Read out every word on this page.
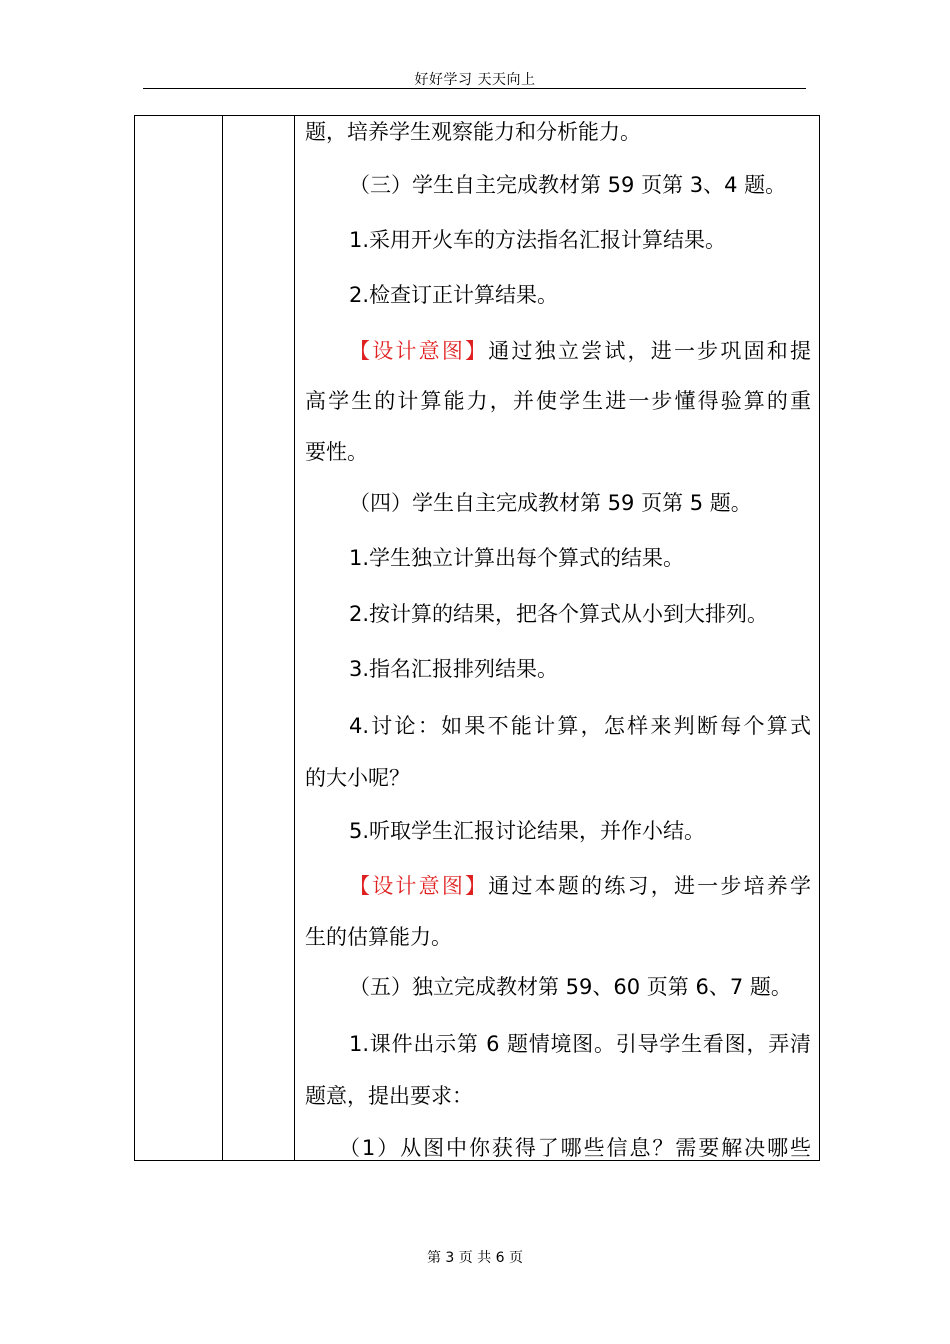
好好学习 天天向上
题，培养学生观察能力和分析能力。
（三）学生自主完成教材第 59 页第 3、4 题。
1.采用开火车的方法指名汇报计算结果。
2.检查订正计算结果。
【设计意图】通过独立尝试，进一步巩固和提
高学生的计算能力，并使学生进一步懂得验算的重
要性。
（四）学生自主完成教材第 59 页第 5 题。
1.学生独立计算出每个算式的结果。
2.按计算的结果，把各个算式从小到大排列。
3.指名汇报排列结果。
4.讨论：如果不能计算，怎样来判断每个算式
的大小呢？
5.听取学生汇报讨论结果，并作小结。
【设计意图】通过本题的练习，进一步培养学
生的估算能力。
（五）独立完成教材第 59、60 页第 6、7 题。
1.课件出示第 6 题情境图。引导学生看图，弄清
题意，提出要求：
（1）从图中你获得了哪些信息？需要解决哪些
第 3 页 共 6 页
